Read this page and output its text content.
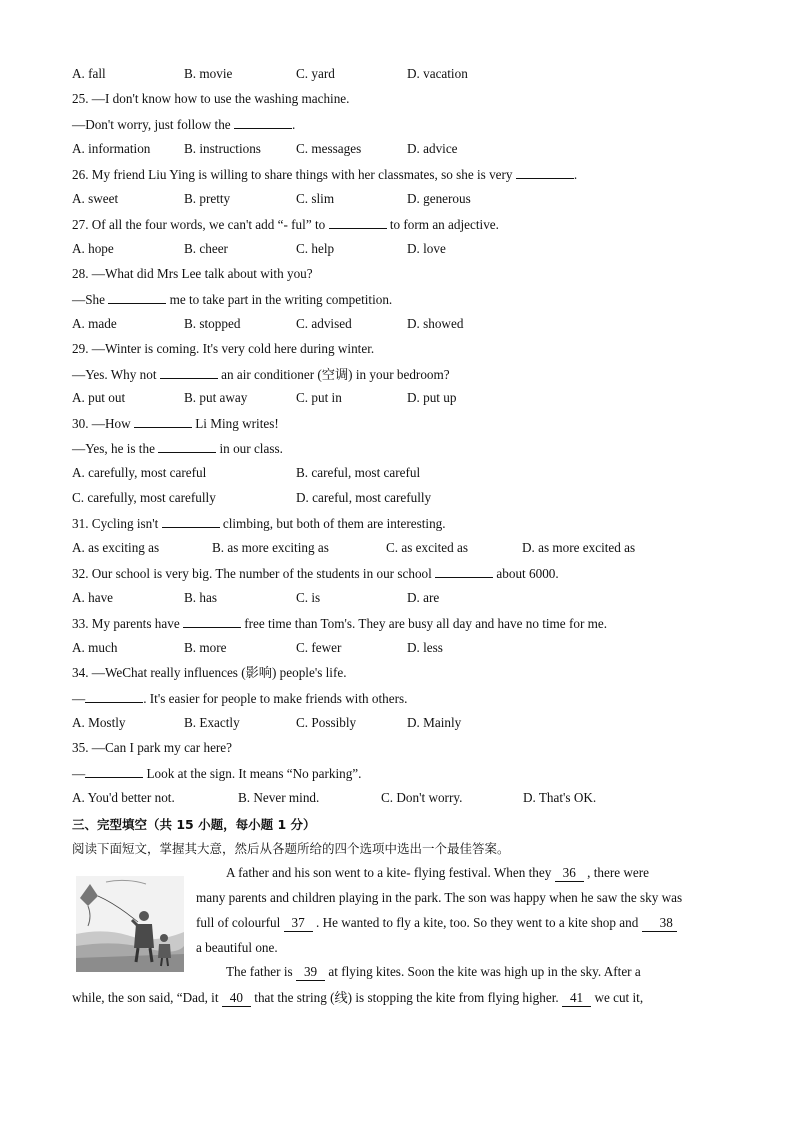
A. fall	B. movie	C. yard	D. vacation
25. —I don't know how to use the washing machine.
—Don't worry, just follow the	.
A. information	B. instructions	C. messages	D. advice
26. My friend Liu Ying is willing to share things with her classmates, so she is very	.
A. sweet	B. pretty	C. slim	D. generous
27. Of all the four words, we can't add “- ful” to	to form an adjective.
A. hope	B. cheer	C. help	D. love
28. —What did Mrs Lee talk about with you?
—She	me to take part in the writing competition.
A. made	B. stopped	C. advised	D. showed
29. —Winter is coming. It's very cold here during winter.
—Yes. Why not	an air conditioner (空调) in your bedroom?
A. put out	B. put away	C. put in	D. put up
30. —How	Li Ming writes!
—Yes, he is the	in our class.
A. carefully, most careful	B. careful, most careful
C. carefully, most carefully	D. careful, most carefully
31. Cycling isn't	climbing, but both of them are interesting.
A. as exciting as	B. as more exciting as	C. as excited as	D. as more excited as
32. Our school is very big. The number of the students in our school	about 6000.
A. have	B. has	C. is	D. are
33. My parents have	free time than Tom's. They are busy all day and have no time for me.
A. much	B. more	C. fewer	D. less
34. —WeChat really influences (影响) people's life.
—	. It's easier for people to make friends with others.
A. Mostly	B. Exactly	C. Possibly	D. Mainly
35. —Can I park my car here?
—	Look at the sign. It means “No parking”.
A. You'd better not.	B. Never mind.	C. Don't worry.	D. That's OK.
三、完型填空（共 15 小题，每小题 1 分）
阅读下面短文，掌握其大意，然后从各题所给的四个选项中选出一个最佳答案。
A father and his son went to a kite- flying festival. When they 36 , there were
many parents and children playing in the park. The son was happy when he saw the sky was
full of colourful 37 . He wanted to fly a kite, too. So they went to a kite shop and 38
a beautiful one.
The father is 39 at flying kites. Soon the kite was high up in the sky. After a
while, the son said, “Dad, it 40 that the string (线) is stopping the kite from flying higher. 41 we cut it,
